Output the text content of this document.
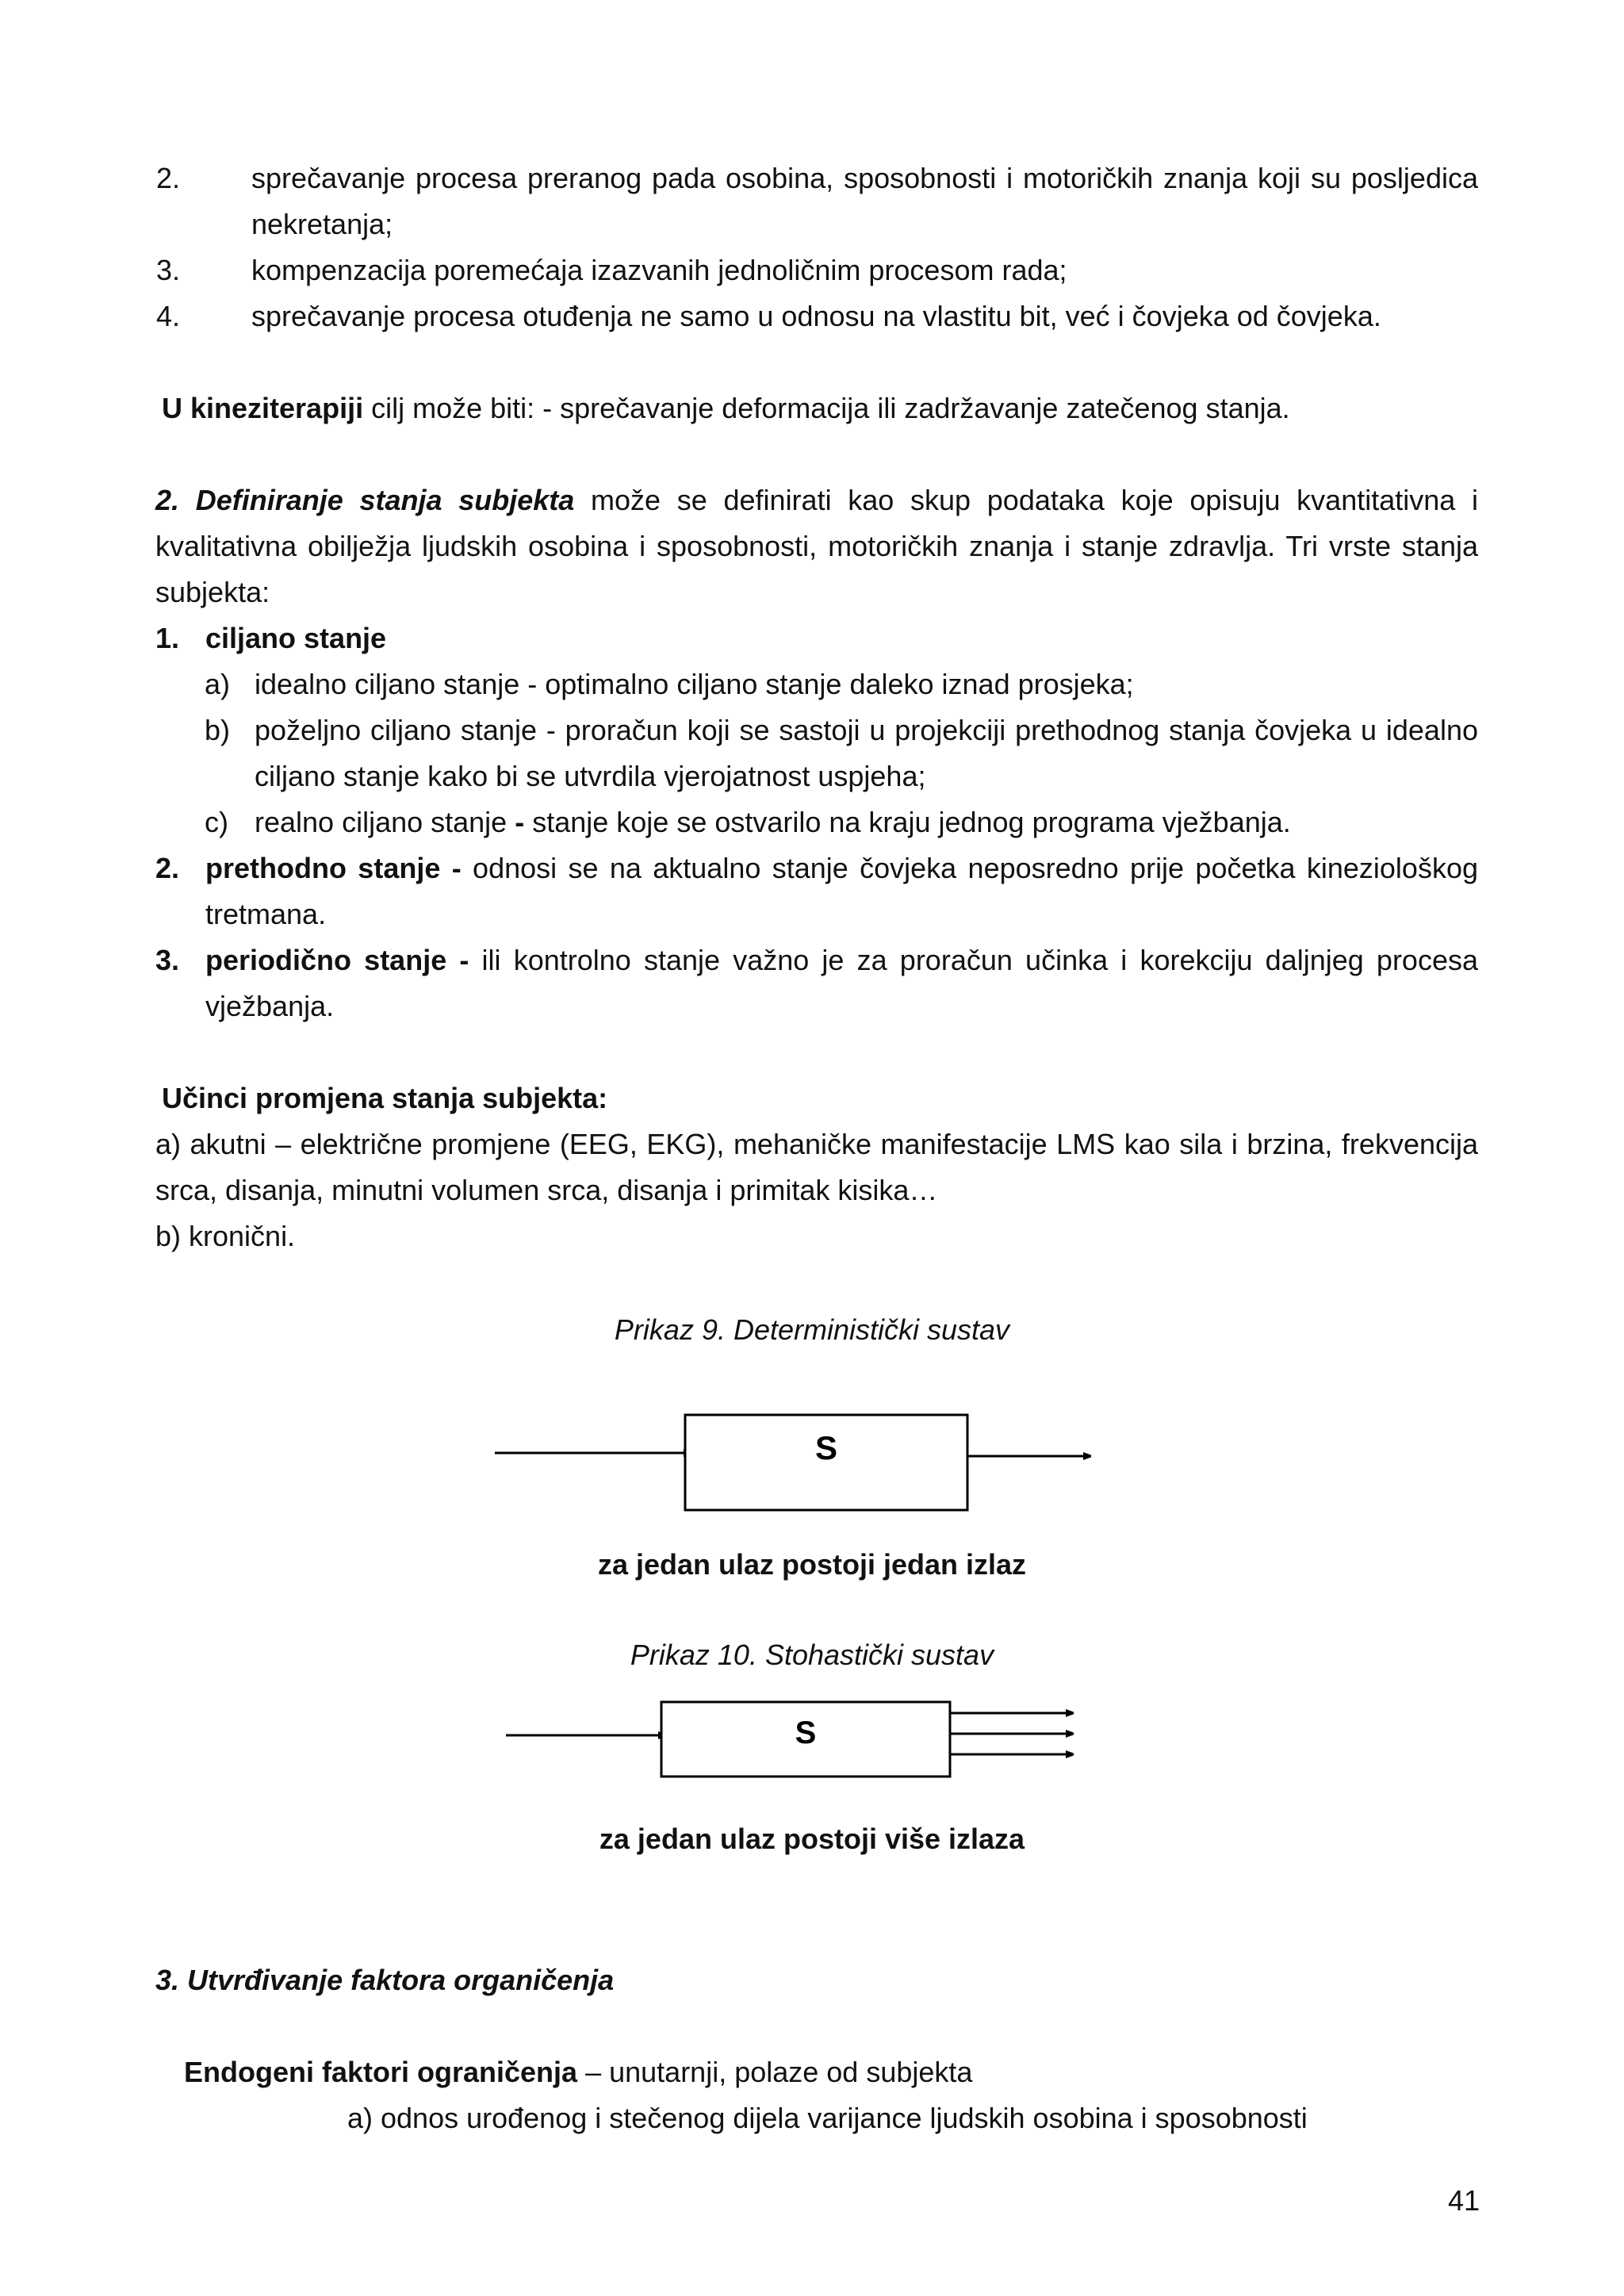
2. sprečavanje procesa preranog pada osobina, sposobnosti i motoričkih znanja koji su posljedica nekretanja;
3. kompenzacija poremećaja izazvanih jednoličnim procesom rada;
4. sprečavanje procesa otuđenja ne samo u odnosu na vlastitu bit, već i čovjeka od čovjeka.
U kineziterapiji cilj može biti: - sprečavanje deformacija ili zadržavanje zatečenog stanja.
2. Definiranje stanja subjekta može se definirati kao skup podataka koje opisuju kvantitativna i kvalitativna obilježja ljudskih osobina i sposobnosti, motoričkih znanja i stanje zdravlja. Tri vrste stanja subjekta:
1. ciljano stanje
a) idealno ciljano stanje - optimalno ciljano stanje daleko iznad prosjeka;
b) poželjno ciljano stanje - proračun koji se sastoji u projekciji prethodnog stanja čovjeka u idealno ciljano stanje kako bi se utvrdila vjerojatnost uspjeha;
c) realno ciljano stanje - stanje koje se ostvarilo na kraju jednog programa vježbanja.
2. prethodno stanje - odnosi se na aktualno stanje čovjeka neposredno prije početka kineziološkog tretmana.
3. periodično stanje - ili kontrolno stanje važno je za proračun učinka i korekciju daljnjeg procesa vježbanja.
Učinci promjena stanja subjekta:
a) akutni – električne promjene (EEG, EKG), mehaničke manifestacije LMS kao sila i brzina, frekvencija srca, disanja, minutni volumen srca, disanja i primitak kisika…
b) kronični.
Prikaz 9. Deterministički sustav
S
za jedan ulaz postoji jedan izlaz
Prikaz 10. Stohastički sustav
S
za jedan ulaz postoji više izlaza
3. Utvrđivanje faktora organičenja
Endogeni faktori ograničenja – unutarnji, polaze od subjekta
a) odnos urođenog i stečenog dijela varijance ljudskih osobina i sposobnosti
41
